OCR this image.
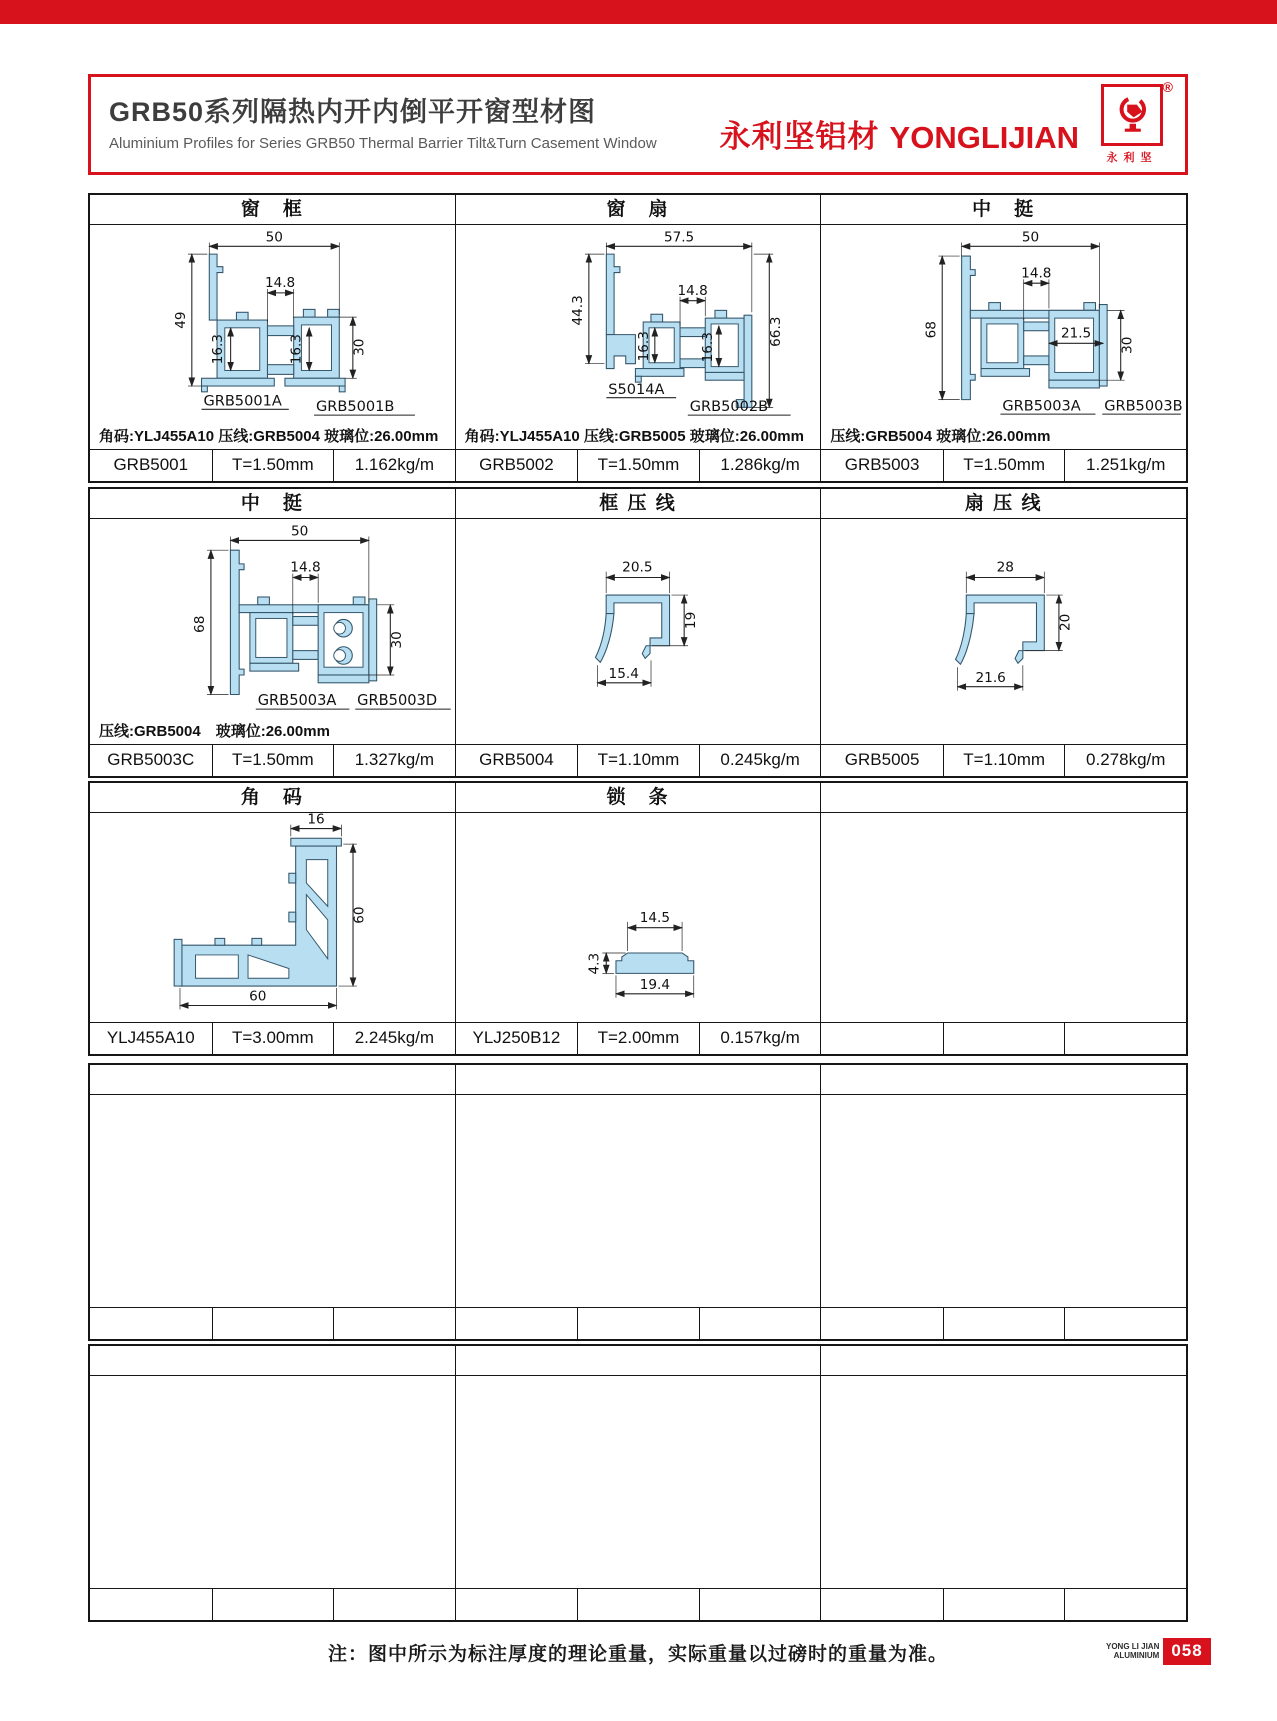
GRB50系列隔热内开内倒平开窗型材图
Aluminium Profiles for Series GRB50 Thermal Barrier Tilt&Turn Casement Window	永利坚铝材 YONGLIJIAN
®
永利坚
窗　框
50
14.8
49
16.3	16.3	30
GRB5001A GRB5001B
角码:YLJ455A10 压线:GRB5004 玻璃位:26.00mm
GRB5001	T=1.50mm	1.162kg/m
窗　扇
57.5
44.3
14.8
16.3	16.3
66.3
S5014A
GRB5002B
角码:YLJ455A10 压线:GRB5005 玻璃位:26.00mm
GRB5002	T=1.50mm	1.286kg/m
中　挺
50
68
14.8
21.5
30
GRB5003A GRB5003B
压线:GRB5004 玻璃位:26.00mm
GRB5003	T=1.50mm	1.251kg/m
中　挺
50
68
14.8
30
GRB5003A GRB5003D
压线:GRB5004　玻璃位:26.00mm
GRB5003C	T=1.50mm	1.327kg/m
框 压 线
20.5
19
15.4
GRB5004	T=1.10mm	0.245kg/m
扇 压 线
28
20
21.6
GRB5005	T=1.10mm	0.278kg/m
角　码
16
60
60
YLJ455A10	T=3.00mm	2.245kg/m
锁　条
14.5
4.3
19.4
YLJ250B12	T=2.00mm	0.157kg/m
注：图中所示为标注厚度的理论重量，实际重量以过磅时的重量为准。	YONG LI JIAN
ALUMINIUM 058
